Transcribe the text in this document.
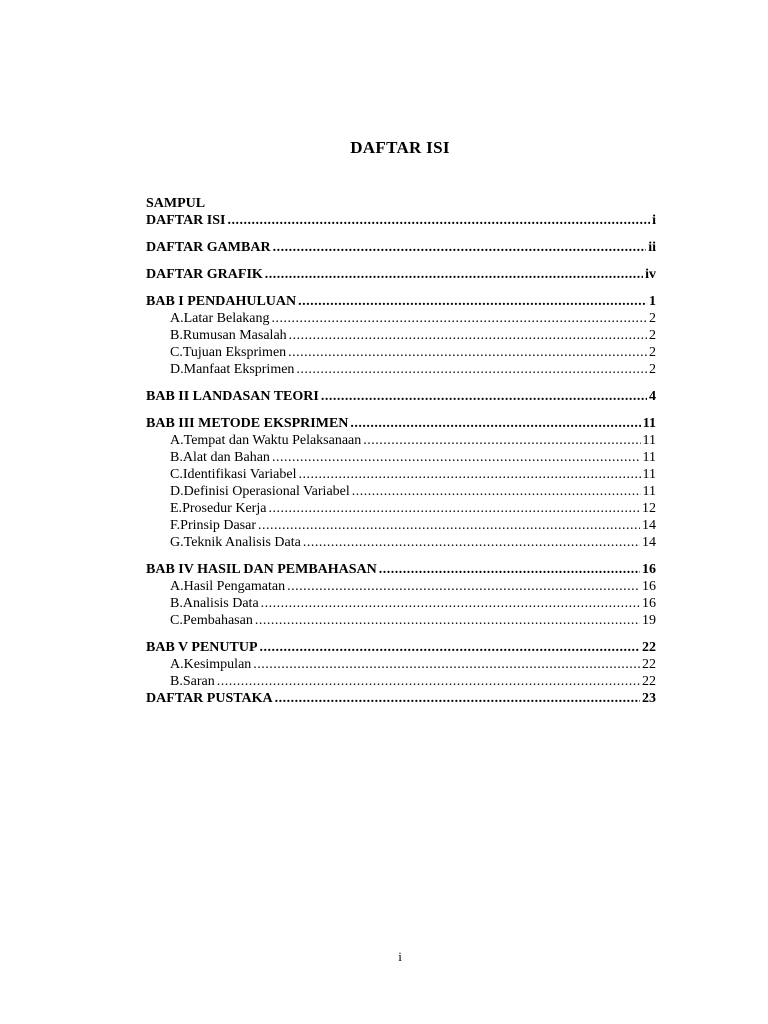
DAFTAR ISI
SAMPUL
DAFTAR ISI .....	i
DAFTAR GAMBAR .....	ii
DAFTAR GRAFIK .....	iv
BAB I PENDAHULUAN .....	1
A. Latar Belakang .....	2
B. Rumusan Masalah .....	2
C. Tujuan Eksprimen .....	2
D. Manfaat Eksprimen .....	2
BAB II LANDASAN TEORI .....	4
BAB III METODE EKSPRIMEN .....	11
A. Tempat dan Waktu Pelaksanaan .....	11
B. Alat dan Bahan .....	11
C. Identifikasi Variabel .....	11
D. Definisi Operasional Variabel .....	11
E. Prosedur Kerja .....	12
F. Prinsip Dasar .....	14
G. Teknik Analisis Data .....	14
BAB IV HASIL DAN PEMBAHASAN .....	16
A. Hasil Pengamatan .....	16
B. Analisis Data .....	16
C. Pembahasan .....	19
BAB V PENUTUP .....	22
A. Kesimpulan .....	22
B. Saran .....	22
DAFTAR PUSTAKA .....	23
i
